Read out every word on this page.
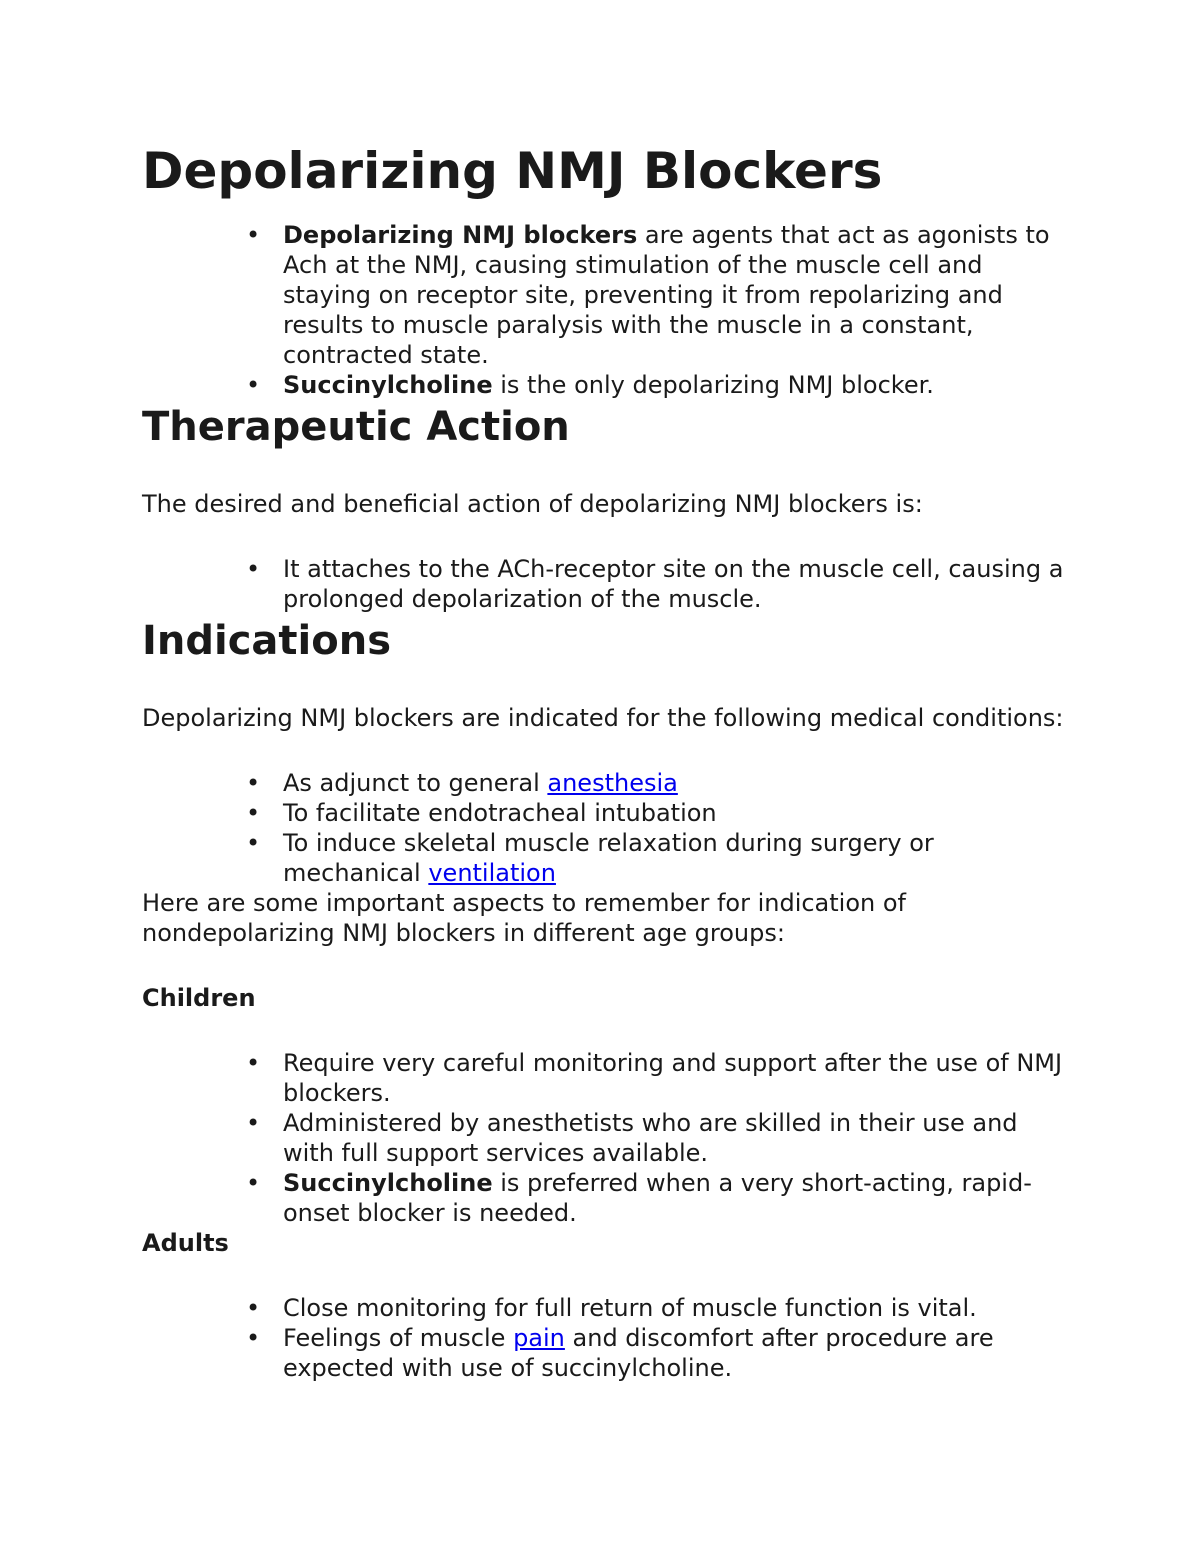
Depolarizing NMJ Blockers
• Depolarizing NMJ blockers are agents that act as agonists to Ach at the NMJ, causing stimulation of the muscle cell and staying on receptor site, preventing it from repolarizing and results to muscle paralysis with the muscle in a constant, contracted state.
• Succinylcholine is the only depolarizing NMJ blocker.
Therapeutic Action

The desired and beneficial action of depolarizing NMJ blockers is:

• It attaches to the ACh-receptor site on the muscle cell, causing a prolonged depolarization of the muscle.
Indications

Depolarizing NMJ blockers are indicated for the following medical conditions:

• As adjunct to general anesthesia
• To facilitate endotracheal intubation
• To induce skeletal muscle relaxation during surgery or mechanical ventilation

Here are some important aspects to remember for indication of nondepolarizing NMJ blockers in different age groups:

Children

• Require very careful monitoring and support after the use of NMJ blockers.
• Administered by anesthetists who are skilled in their use and with full support services available.
• Succinylcholine is preferred when a very short-acting, rapid-onset blocker is needed.

Adults

• Close monitoring for full return of muscle function is vital.
• Feelings of muscle pain and discomfort after procedure are expected with use of succinylcholine.
